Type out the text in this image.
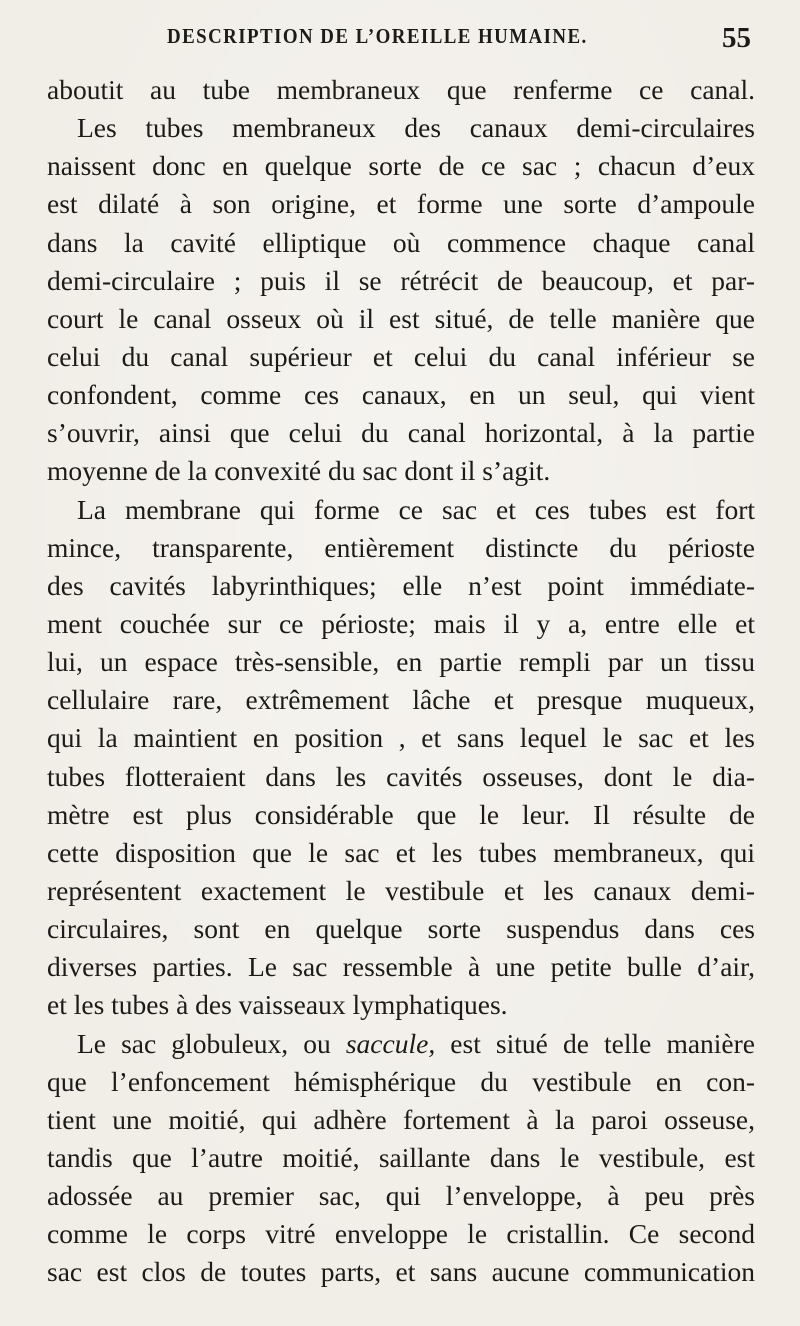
DESCRIPTION DE L’OREILLE HUMAINE.	55
aboutit au tube membraneux que renferme ce canal.
Les tubes membraneux des canaux demi-circulaires
naissent donc en quelque sorte de ce sac ; chacun d’eux
est dilaté à son origine, et forme une sorte d’ampoule
dans la cavité elliptique où commence chaque canal
demi-circulaire ; puis il se rétrécit de beaucoup, et par-
court le canal osseux où il est situé, de telle manière que
celui du canal supérieur et celui du canal inférieur se
confondent, comme ces canaux, en un seul, qui vient
s’ouvrir, ainsi que celui du canal horizontal, à la partie
moyenne de la convexité du sac dont il s’agit.
La membrane qui forme ce sac et ces tubes est fort
mince, transparente, entièrement distincte du périoste
des cavités labyrinthiques; elle n’est point immédiate-
ment couchée sur ce périoste; mais il y a, entre elle et
lui, un espace très-sensible, en partie rempli par un tissu
cellulaire rare, extrêmement lâche et presque muqueux,
qui la maintient en position , et sans lequel le sac et les
tubes flotteraient dans les cavités osseuses, dont le dia-
mètre est plus considérable que le leur. Il résulte de
cette disposition que le sac et les tubes membraneux, qui
représentent exactement le vestibule et les canaux demi-
circulaires, sont en quelque sorte suspendus dans ces
diverses parties. Le sac ressemble à une petite bulle d’air,
et les tubes à des vaisseaux lymphatiques.
Le sac globuleux, ou saccule, est situé de telle manière
que l’enfoncement hémisphérique du vestibule en con-
tient une moitié, qui adhère fortement à la paroi osseuse,
tandis que l’autre moitié, saillante dans le vestibule, est
adossée au premier sac, qui l’enveloppe, à peu près
comme le corps vitré enveloppe le cristallin. Ce second
sac est clos de toutes parts, et sans aucune communication
